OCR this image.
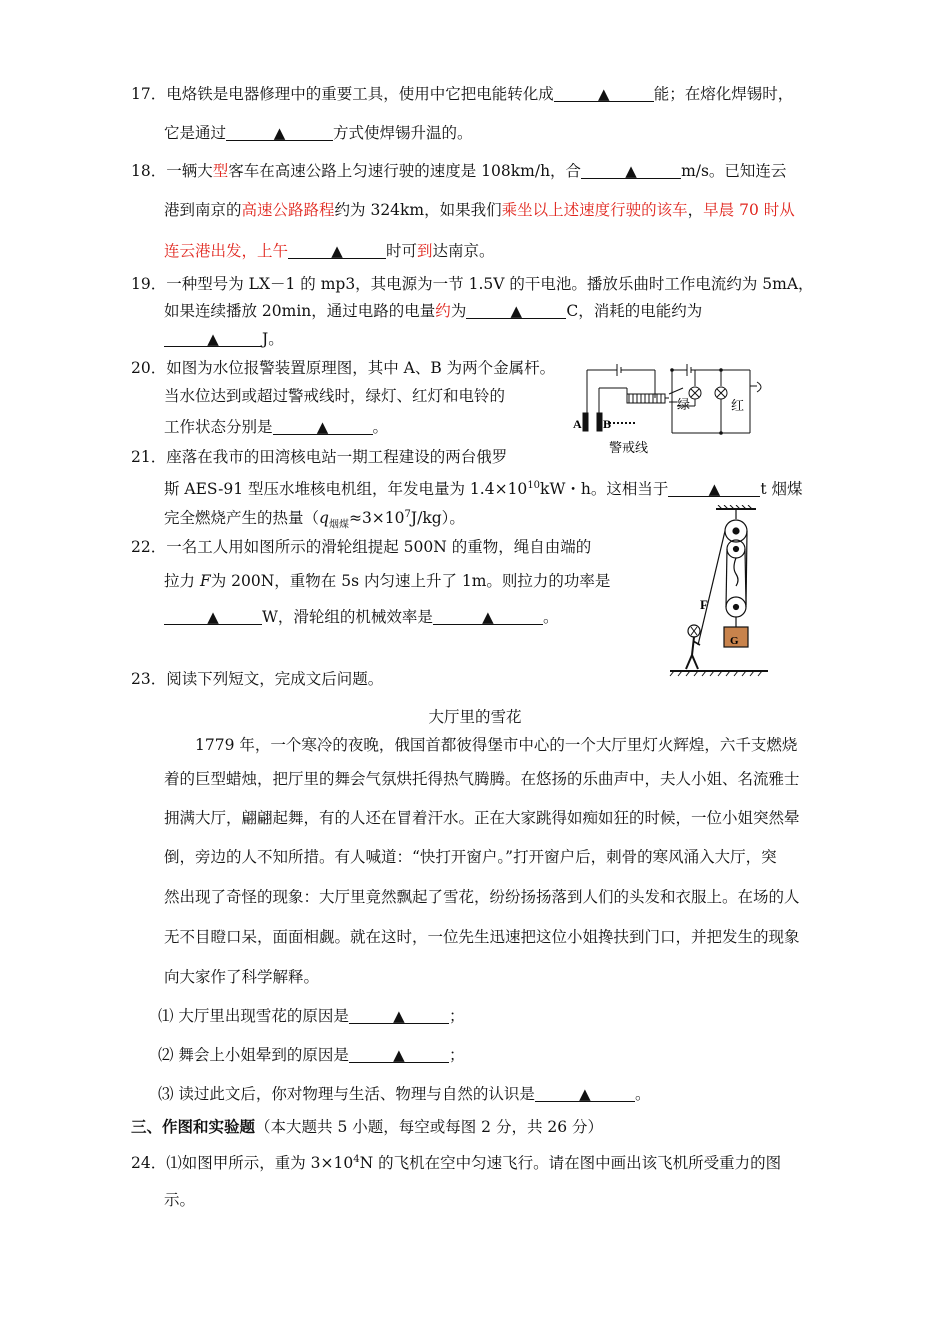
17．电烙铁是电器修理中的重要工具，使用中它把电能转化成	▲	能；在熔化焊锡时，
它是通过	▲	方式使焊锡升温的。
18．一辆大型客车在高速公路上匀速行驶的速度是 108km/h，合	▲	m/s。已知连云
港到南京的高速公路路程约为 324km，如果我们乘坐以上述速度行驶的该车，早晨 70 时从
连云港出发，上午	▲	时可到达南京。
19．一种型号为 LX－1 的 mp3，其电源为一节 1.5V 的干电池。播放乐曲时工作电流约为 5mA，
如果连续播放 20min，通过电路的电量约为	▲	C，消耗的电能约为
▲	J。
20．如图为水位报警装置原理图，其中 A、B 为两个金属杆。
当水位达到或超过警戒线时，绿灯、红灯和电铃的
工作状态分别是	▲	。	A B
绿	红
警戒线
21．座落在我市的田湾核电站一期工程建设的两台俄罗
斯 AES-91 型压水堆核电机组，年发电量为 $1.4\times 10^{10}kW$・h。这相当于	▲	t 烟煤
完全燃烧产生的热量$(q_{烟煤}\approx 3\times 10^7J/kg)$。
22．一名工人用如图所示的滑轮组提起 500N 的重物，绳自由端的
拉力 F为 200N，重物在 5s 内匀速上升了 1m。则拉力的功率是
▲	W，滑轮组的机械效率是	▲	。
F
G
23．阅读下列短文，完成文后问题。
大厅里的雪花
　　1779 年，一个寒冷的夜晚，俄国首都彼得堡市中心的一个大厅里灯火辉煌，六千支燃烧
着的巨型蜡烛，把厅里的舞会气氛烘托得热气腾腾。在悠扬的乐曲声中，夫人小姐、名流雅士
拥满大厅，翩翩起舞，有的人还在冒着汗水。正在大家跳得如痴如狂的时候，一位小姐突然晕
倒，旁边的人不知所措。有人喊道：“快打开窗户。”打开窗户后，刺骨的寒风涌入大厅，突
然出现了奇怪的现象：大厅里竟然飘起了雪花，纷纷扬扬落到人们的头发和衣服上。在场的人
无不目瞪口呆，面面相觑。就在这时，一位先生迅速把这位小姐搀扶到门口，并把发生的现象
向大家作了科学解释。
⑴ 大厅里出现雪花的原因是	▲	；
⑵ 舞会上小姐晕到的原因是	▲	；
⑶ 读过此文后，你对物理与生活、物理与自然的认识是	▲	。
三、作图和实验题（本大题共 5 小题，每空或每图 2 分，共 26 分）
24．⑴如图甲所示，重为 $3\times 10^4N$ 的飞机在空中匀速飞行。请在图中画出该飞机所受重力的图
示。
